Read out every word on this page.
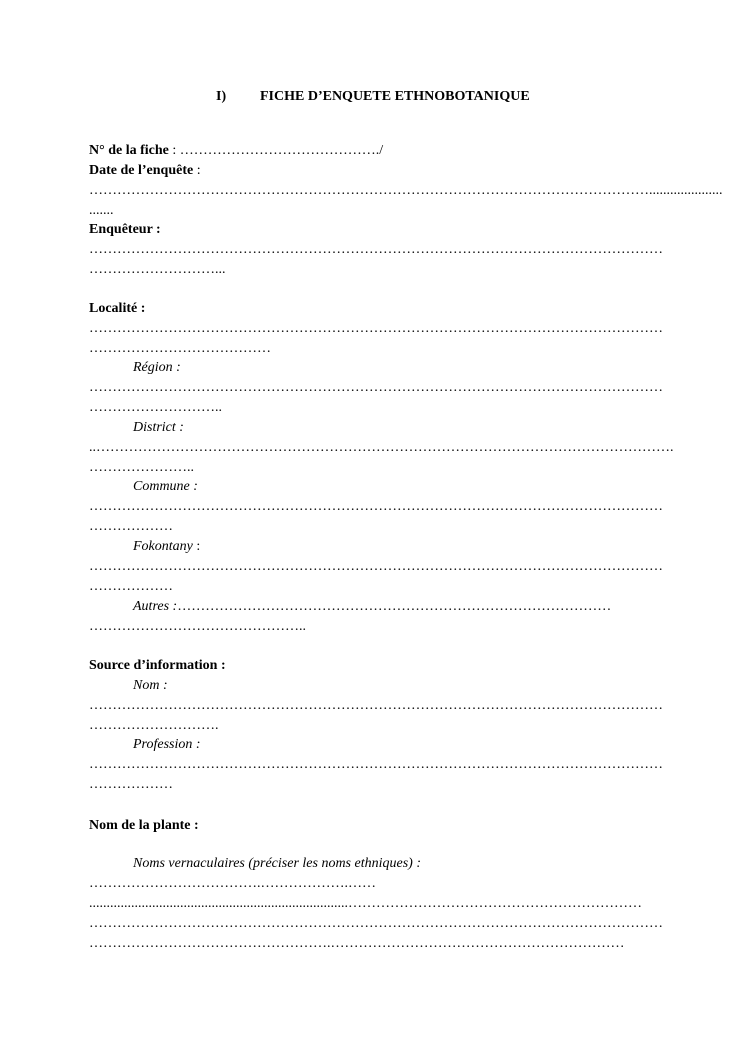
I) FICHE D’ENQUETE ETHNOBOTANIQUE
N° de la fiche : ……………………………………./
Date de l’enquête :
………………………………………………………………………………………………………….....................
.......
Enquêteur :
……………………………………………………………………………………………………………
………………………...
Localité :
……………………………………………………………………………………………………………
…………………………………
Région :
……………………………………………………………………………………………………………
………………………..
District :
..…………………………………………………………………………………………………………….
…………………..
Commune :
……………………………………………………………………………………………………………
………………
Fokontany :
……………………………………………………………………………………………………………
………………
Autres :…………………………………………………………………………………
………………………………………..
Source d’information :
Nom :
……………………………………………………………………………………………………………
……………………….
Profession :
……………………………………………………………………………………………………………
………………
Nom de la plante :
Noms vernaculaires (préciser les noms ethniques) :
……………………………….……………….……
..........................................................................………………………………………………………
……………………………………………………………………………………………………………
…………………………………………….………………………………………………………
